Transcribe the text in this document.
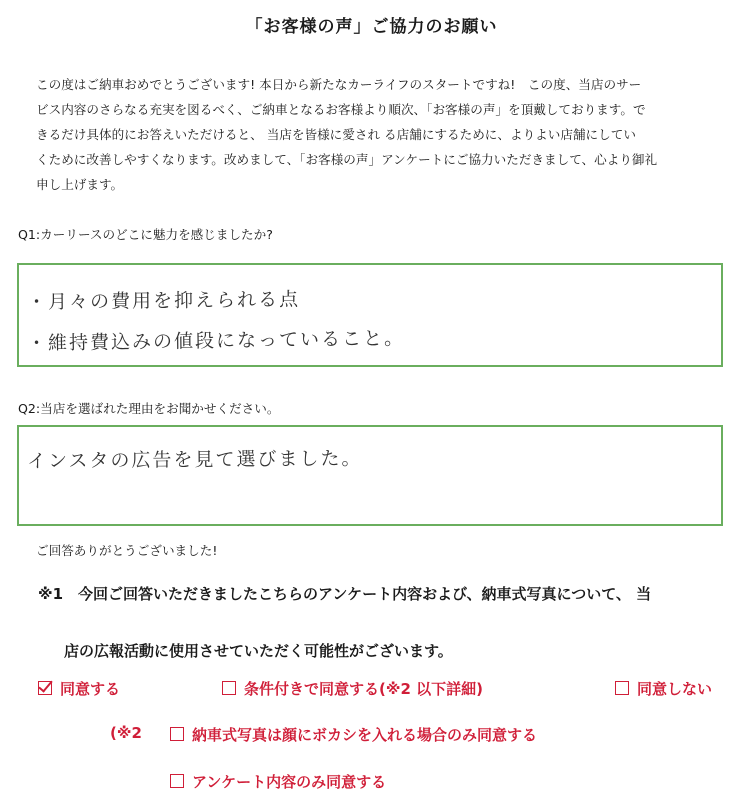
「お客様の声」ご協力のお願い
この度はご納車おめでとうございます! 本日から新たなカーライフのスタートですね!　この度、当店のサー
ビス内容のさらなる充実を図るべく、ご納車となるお客様より順次、「お客様の声」を頂戴しております。で
きるだけ具体的にお答えいただけると、 当店を皆様に愛され る店舗にするために、よりよい店舗にしてい
くために改善しやすくなります。改めまして、「お客様の声」アンケートにご協力いただきまして、心より御礼
申し上げます。
Q1:カーリースのどこに魅力を感じましたか?
・月々の費用を抑えられる点
・維持費込みの値段になっていること。
Q2:当店を選ばれた理由をお聞かせください。
インスタの広告を見て選びました。
ご回答ありがとうございました!
※1　今回ご回答いただきましたこちらのアンケート内容および、納車式写真について、 当
店の広報活動に使用させていただく可能性がございます。
同意する	条件付きで同意する(※2 以下詳細)	同意しない
(※2	納車式写真は顔にボカシを入れる場合のみ同意する
アンケート内容のみ同意する
